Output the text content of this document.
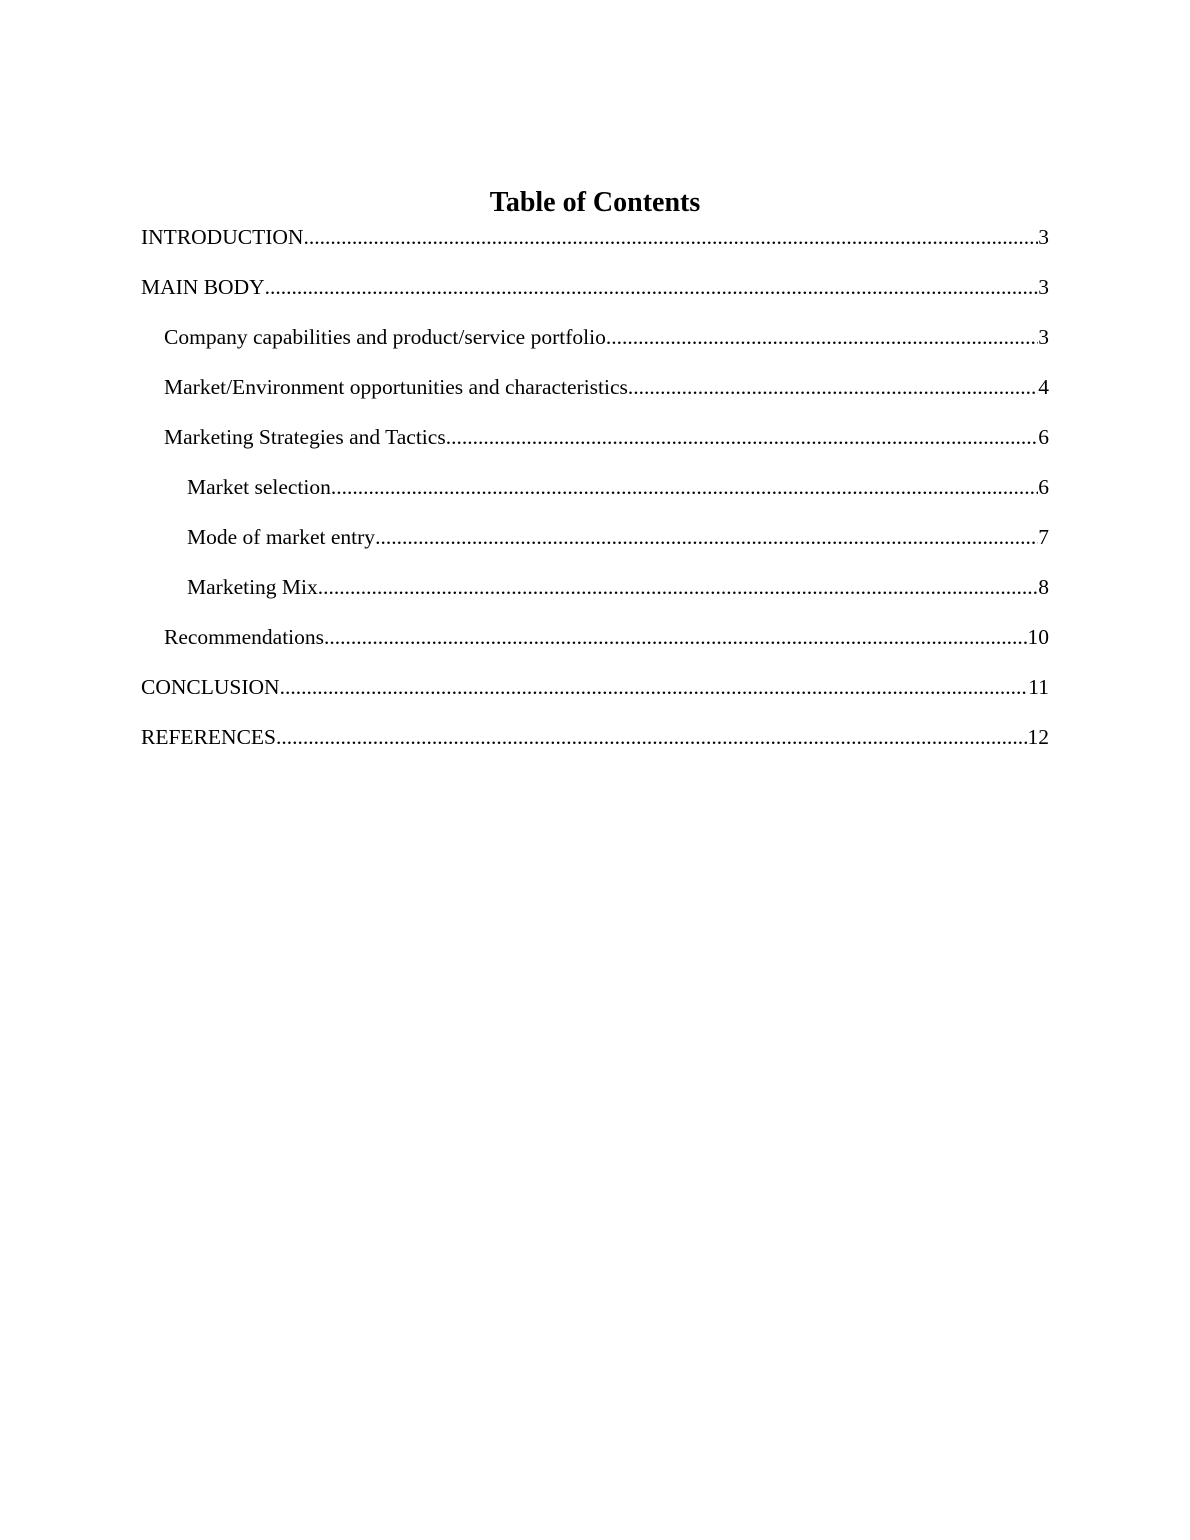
Table of Contents
INTRODUCTION .....	3
MAIN BODY .....	3
Company capabilities and product/service portfolio .....	3
Market/Environment opportunities and characteristics .....	4
Marketing Strategies and Tactics .....	6
Market selection .....	6
Mode of market entry .....	7
Marketing Mix .....	8
Recommendations .....	10
CONCLUSION .....	11
REFERENCES .....	12
